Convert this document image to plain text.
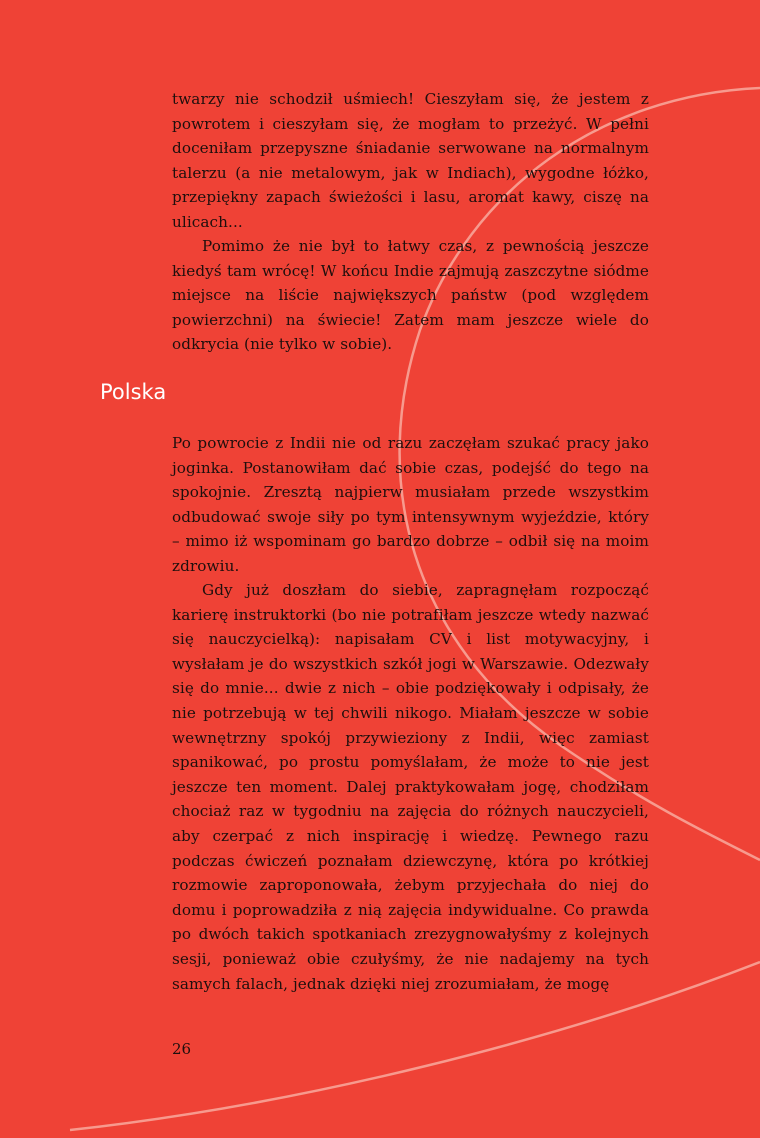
twarzy nie schodził uśmiech! Cieszyłam się, że jestem z powrotem i cieszyłam się, że mogłam to przeżyć. W pełni doceniłam przepyszne śniadanie serwowane na normalnym talerzu (a nie metalowym, jak w Indiach), wygodne łóżko, przepiękny zapach świeżości i lasu, aromat kawy, ciszę na ulicach...

Pomimo że nie był to łatwy czas, z pewnością jeszcze kiedyś tam wrócę! W końcu Indie zajmują zaszczytne siódme miejsce na liście największych państw (pod względem powierzchni) na świecie! Zatem mam jeszcze wiele do odkrycia (nie tylko w sobie).

Polska

Po powrocie z Indii nie od razu zaczęłam szukać pracy jako joginka. Postanowiłam dać sobie czas, podejść do tego na spokojnie. Zresztą najpierw musiałam przede wszystkim odbudować swoje siły po tym intensywnym wyjeździe, który – mimo iż wspominam go bardzo dobrze – odbił się na moim zdrowiu.

Gdy już doszłam do siebie, zapragnęłam rozpocząć karierę instruktorki (bo nie potrafiłam jeszcze wtedy nazwać się nauczycielką): napisałam CV i list motywacyjny, i wysłałam je do wszystkich szkół jogi w Warszawie. Odezwały się do mnie... dwie z nich – obie podziękowały i odpisały, że nie potrzebują w tej chwili nikogo. Miałam jeszcze w sobie wewnętrzny spokój przywieziony z Indii, więc zamiast spanikować, po prostu pomyślałam, że może to nie jest jeszcze ten moment. Dalej praktykowałam jogę, chodziłam chociaż raz w tygodniu na zajęcia do różnych nauczycieli, aby czerpać z nich inspirację i wiedzę. Pewnego razu podczas ćwiczeń poznałam dziewczynę, która po krótkiej rozmowie zaproponowała, żebym przyjechała do niej do domu i poprowadziła z nią zajęcia indywidualne. Co prawda po dwóch takich spotkaniach zrezygnowałyśmy z kolejnych sesji, ponieważ obie czułyśmy, że nie nadajemy na tych samych falach, jednak dzięki niej zrozumiałam, że mogę

26
